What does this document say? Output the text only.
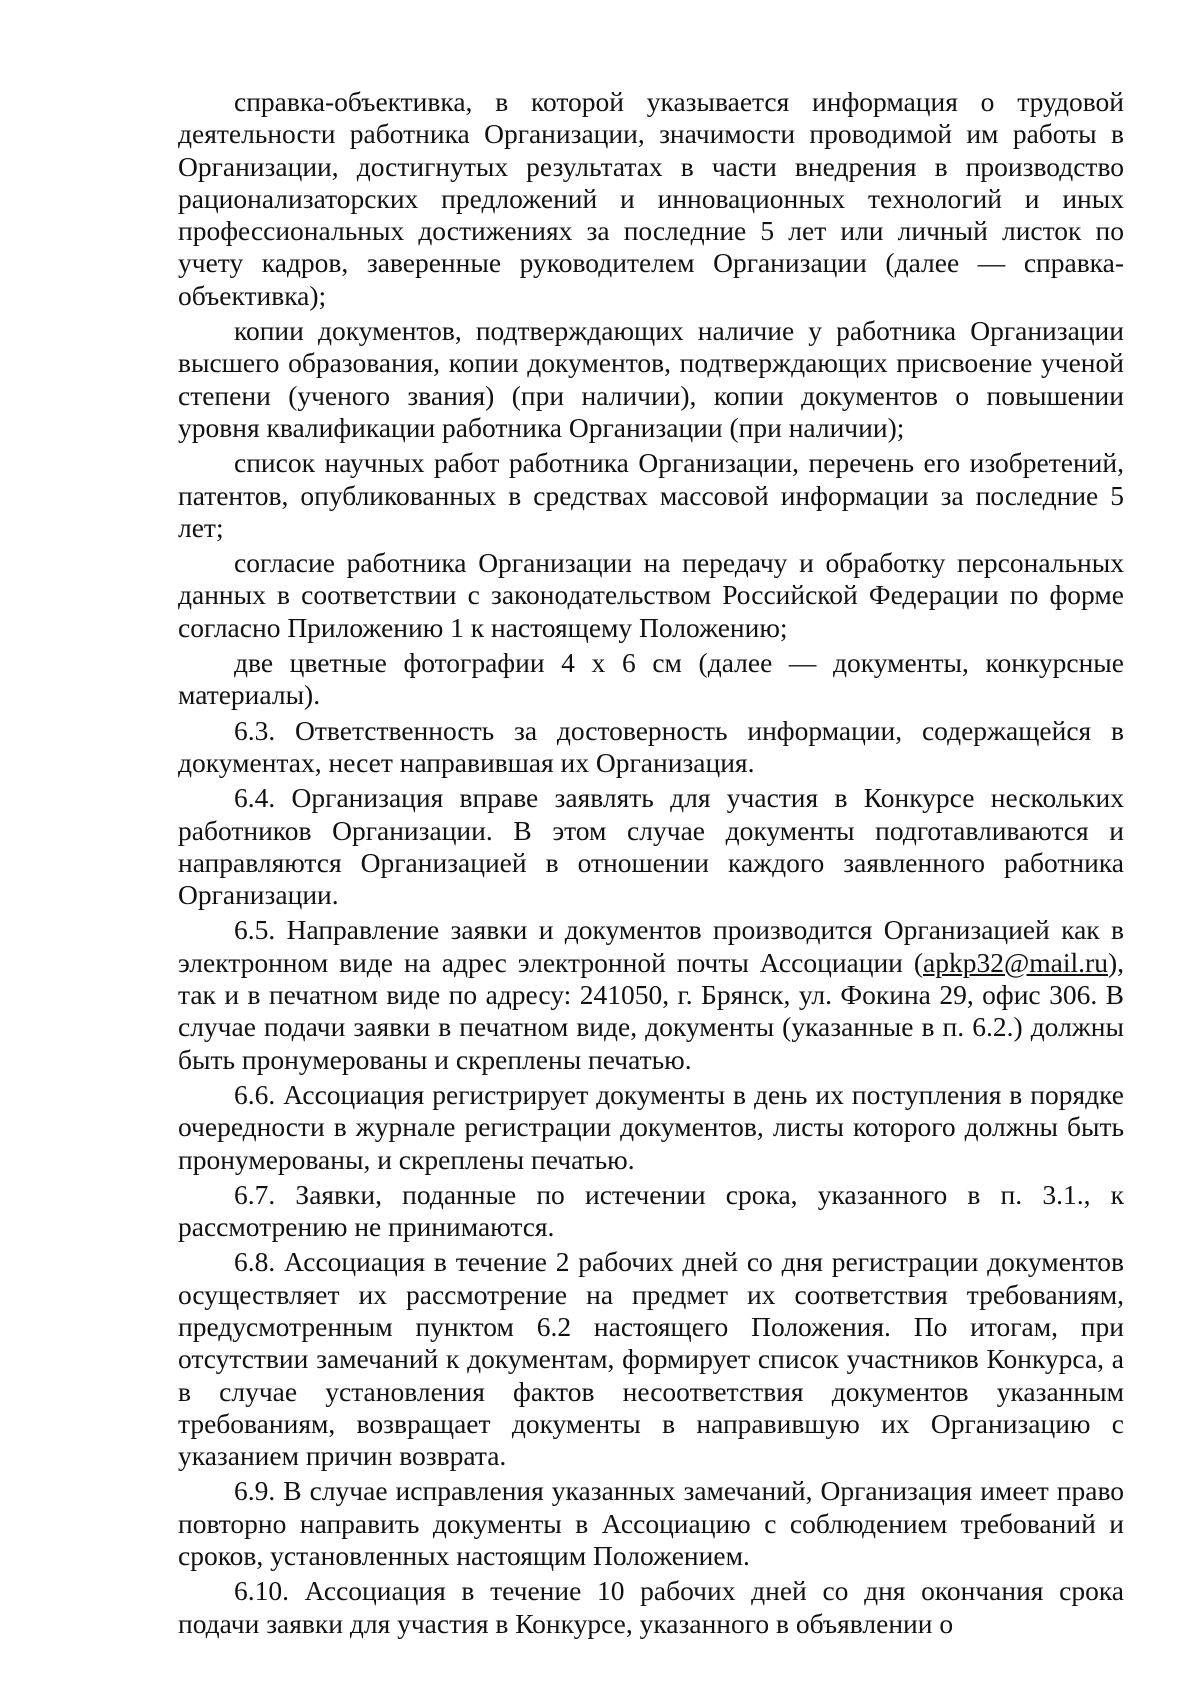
справка-объективка, в которой указывается информация о трудовой деятельности работника Организации, значимости проводимой им работы в Организации, достигнутых результатах в части внедрения в производство рационализаторских предложений и инновационных технологий и иных профессиональных достижениях за последние 5 лет или личный листок по учету кадров, заверенные руководителем Организации (далее — справка-объективка);

копии документов, подтверждающих наличие у работника Организации высшего образования, копии документов, подтверждающих присвоение ученой степени (ученого звания) (при наличии), копии документов о повышении уровня квалификации работника Организации (при наличии);

список научных работ работника Организации, перечень его изобретений, патентов, опубликованных в средствах массовой информации за последние 5 лет;

согласие работника Организации на передачу и обработку персональных данных в соответствии с законодательством Российской Федерации по форме согласно Приложению 1 к настоящему Положению;

две цветные фотографии 4 x 6 см (далее — документы, конкурсные материалы).

6.3. Ответственность за достоверность информации, содержащейся в документах, несет направившая их Организация.

6.4. Организация вправе заявлять для участия в Конкурсе нескольких работников Организации. В этом случае документы подготавливаются и направляются Организацией в отношении каждого заявленного работника Организации.

6.5. Направление заявки и документов производится Организацией как в электронном виде на адрес электронной почты Ассоциации (apkp32@mail.ru), так и в печатном виде по адресу: 241050, г. Брянск, ул. Фокина 29, офис 306. В случае подачи заявки в печатном виде, документы (указанные в п. 6.2.) должны быть пронумерованы и скреплены печатью.

6.6. Ассоциация регистрирует документы в день их поступления в порядке очередности в журнале регистрации документов, листы которого должны быть пронумерованы, и скреплены печатью.

6.7. Заявки, поданные по истечении срока, указанного в п. 3.1., к рассмотрению не принимаются.

6.8. Ассоциация в течение 2 рабочих дней со дня регистрации документов осуществляет их рассмотрение на предмет их соответствия требованиям, предусмотренным пунктом 6.2 настоящего Положения. По итогам, при отсутствии замечаний к документам, формирует список участников Конкурса, а в случае установления фактов несоответствия документов указанным требованиям, возвращает документы в направившую их Организацию с указанием причин возврата.

6.9. В случае исправления указанных замечаний, Организация имеет право повторно направить документы в Ассоциацию с соблюдением требований и сроков, установленных настоящим Положением.

6.10. Ассоциация в течение 10 рабочих дней со дня окончания срока подачи заявки для участия в Конкурсе, указанного в объявлении о
